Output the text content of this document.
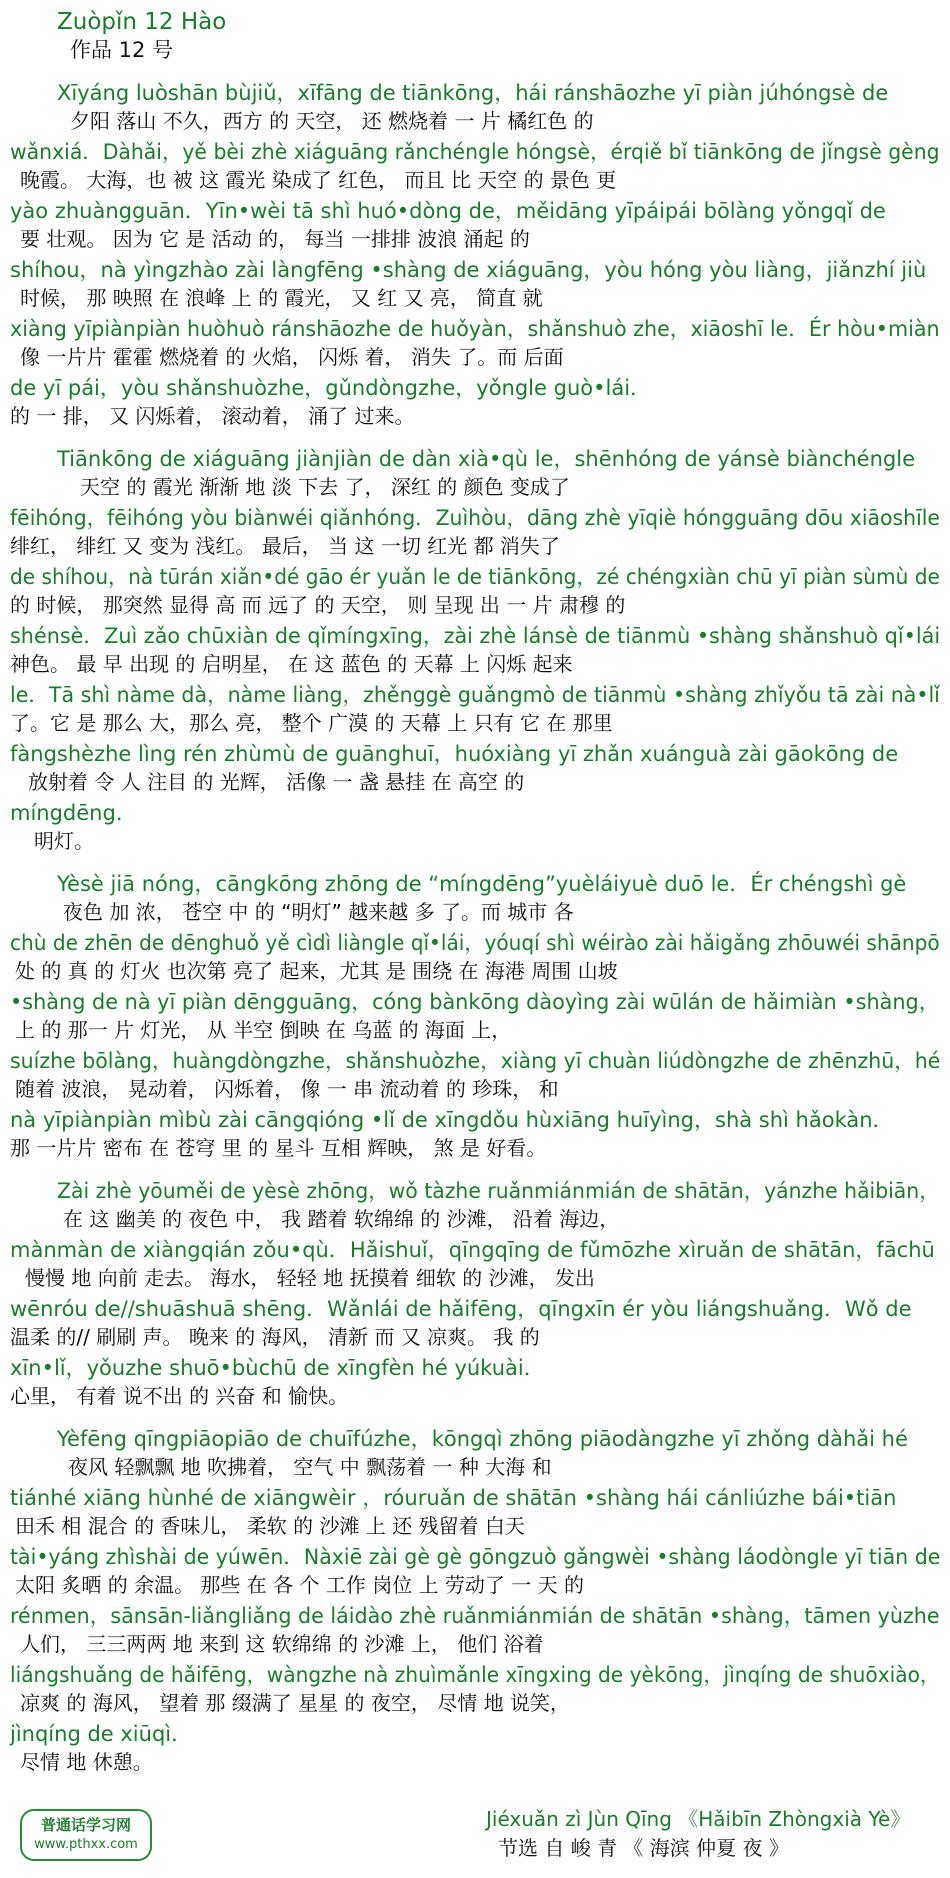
Zuòpǐn 12 Hào
作品 12 号
Xīyáng luòshān bùjiǔ，xīfāng de tiānkōng，hái ránshāozhe yī piàn júhóngsè de
夕阳 落山 不久，西方 的 天空， 还 燃烧着 一 片 橘红色 的
wǎnxiá．Dàhǎi，yě bèi zhè xiáguāng rǎnchéngle hóngsè，érqiě bǐ tiānkōng de jǐngsè gèng
晚霞。 大海，也 被 这 霞光 染成了 红色， 而且 比 天空 的 景色 更
yào zhuàngguān．Yīn•wèi tā shì huó•dòng de，měidāng yīpáipái bōlàng yǒngqǐ de
要 壮观。 因为 它 是 活动 的， 每当 一排排 波浪 涌起 的
shíhou，nà yìngzhào zài làngfēng •shàng de xiáguāng，yòu hóng yòu liàng，jiǎnzhí jiù
时候， 那 映照 在 浪峰 上 的 霞光， 又 红 又 亮， 简直 就
xiàng yīpiànpiàn huòhuò ránshāozhe de huǒyàn，shǎnshuò zhe，xiāoshī le．Ér hòu•miàn
像 一片片 霍霍 燃烧着 的 火焰， 闪烁 着， 消失 了。而 后面
de yī pái，yòu shǎnshuòzhe，gǔndòngzhe，yǒngle guò•lái．
的 一 排， 又 闪烁着， 滚动着， 涌了 过来。
Tiānkōng de xiáguāng jiànjiàn de dàn xià•qù le，shēnhóng de yánsè biànchéngle
天空 的 霞光 渐渐 地 淡 下去 了， 深红 的 颜色 变成了
fēihóng，fēihóng yòu biànwéi qiǎnhóng．Zuìhòu，dāng zhè yīqiè hóngguāng dōu xiāoshīle
绯红， 绯红 又 变为 浅红。 最后， 当 这 一切 红光 都 消失了
de shíhou，nà tūrán xiǎn•dé gāo ér yuǎn le de tiānkōng，zé chéngxiàn chū yī piàn sùmù de
的 时候， 那突然 显得 高 而 远了 的 天空， 则 呈现 出 一 片 肃穆 的
shénsè．Zuì zǎo chūxiàn de qǐmíngxīng，zài zhè lánsè de tiānmù •shàng shǎnshuò qǐ•lái
神色。 最 早 出现 的 启明星， 在 这 蓝色 的 天幕 上 闪烁 起来
le．Tā shì nàme dà，nàme liàng，zhěnggè guǎngmò de tiānmù •shàng zhǐyǒu tā zài nà•lǐ
了。它 是 那么 大，那么 亮， 整个 广漠 的 天幕 上 只有 它 在 那里
fàngshèzhe lìng rén zhùmù de guānghuī，huóxiàng yī zhǎn xuánguà zài gāokōng de
放射着 令 人 注目 的 光辉， 活像 一 盏 悬挂 在 高空 的
míngdēng．
明灯。
Yèsè jiā nóng，cāngkōng zhōng de “míngdēng”yuèláiyuè duō le．Ér chéngshì gè
夜色 加 浓， 苍空 中 的 “明灯” 越来越 多 了。而 城市 各
chù de zhēn de dēnghuǒ yě cìdì liàngle qǐ•lái，yóuqí shì wéirào zài hǎigǎng zhōuwéi shānpō
处 的 真 的 灯火 也次第 亮了 起来，尤其 是 围绕 在 海港 周围 山坡
•shàng de nà yī piàn dēngguāng，cóng bànkōng dàoyìng zài wūlán de hǎimiàn •shàng，
上 的 那一 片 灯光， 从 半空 倒映 在 乌蓝 的 海面 上，
suízhe bōlàng，huàngdòngzhe，shǎnshuòzhe，xiàng yī chuàn liúdòngzhe de zhēnzhū，hé
随着 波浪， 晃动着， 闪烁着， 像 一 串 流动着 的 珍珠， 和
nà yīpiànpiàn mìbù zài cāngqióng •lǐ de xīngdǒu hùxiāng huīyìng，shà shì hǎokàn．
那 一片片 密布 在 苍穹 里 的 星斗 互相 辉映， 煞 是 好看。
Zài zhè yōuměi de yèsè zhōng，wǒ tàzhe ruǎnmiánmián de shātān，yánzhe hǎibiān，
在 这 幽美 的 夜色 中， 我 踏着 软绵绵 的 沙滩， 沿着 海边，
mànmàn de xiàngqián zǒu•qù．Hǎishuǐ，qīngqīng de fǔmōzhe xìruǎn de shātān，fāchū
慢慢 地 向前 走去。 海水， 轻轻 地 抚摸着 细软 的 沙滩， 发出
wēnróu de//shuāshuā shēng．Wǎnlái de hǎifēng，qīngxīn ér yòu liángshuǎng．Wǒ de
温柔 的// 刷刷 声。 晚来 的 海风， 清新 而 又 凉爽。 我 的
xīn•lǐ，yǒuzhe shuō•bùchū de xīngfèn hé yúkuài．
心里， 有着 说不出 的 兴奋 和 愉快。
Yèfēng qīngpiāopiāo de chuīfúzhe，kōngqì zhōng piāodàngzhe yī zhǒng dàhǎi hé
夜风 轻飘飘 地 吹拂着， 空气 中 飘荡着 一 种 大海 和
tiánhé xiāng hùnhé de xiāngwèir ，róuruǎn de shātān •shàng hái cánliúzhe bái•tiān
田禾 相 混合 的 香味儿， 柔软 的 沙滩 上 还 残留着 白天
tài•yáng zhìshài de yúwēn．Nàxiē zài gè gè gōngzuò gǎngwèi •shàng láodòngle yī tiān de
太阳 炙晒 的 余温。 那些 在 各 个 工作 岗位 上 劳动了 一 天 的
rénmen，sānsān-liǎngliǎng de láidào zhè ruǎnmiánmián de shātān •shàng，tāmen yùzhe
人们， 三三两两 地 来到 这 软绵绵 的 沙滩 上， 他们 浴着
liángshuǎng de hǎifēng，wàngzhe nà zhuìmǎnle xīngxing de yèkōng，jìnqíng de shuōxiào，
凉爽 的 海风， 望着 那 缀满了 星星 的 夜空， 尽情 地 说笑，
jìnqíng de xiūqì．
尽情 地 休憩。
普通话学习网
www.pthxx.com
Jiéxuǎn zì Jùn Qīng 《Hǎibīn Zhòngxià Yè》
节选 自 峻 青 《 海滨 仲夏 夜 》
